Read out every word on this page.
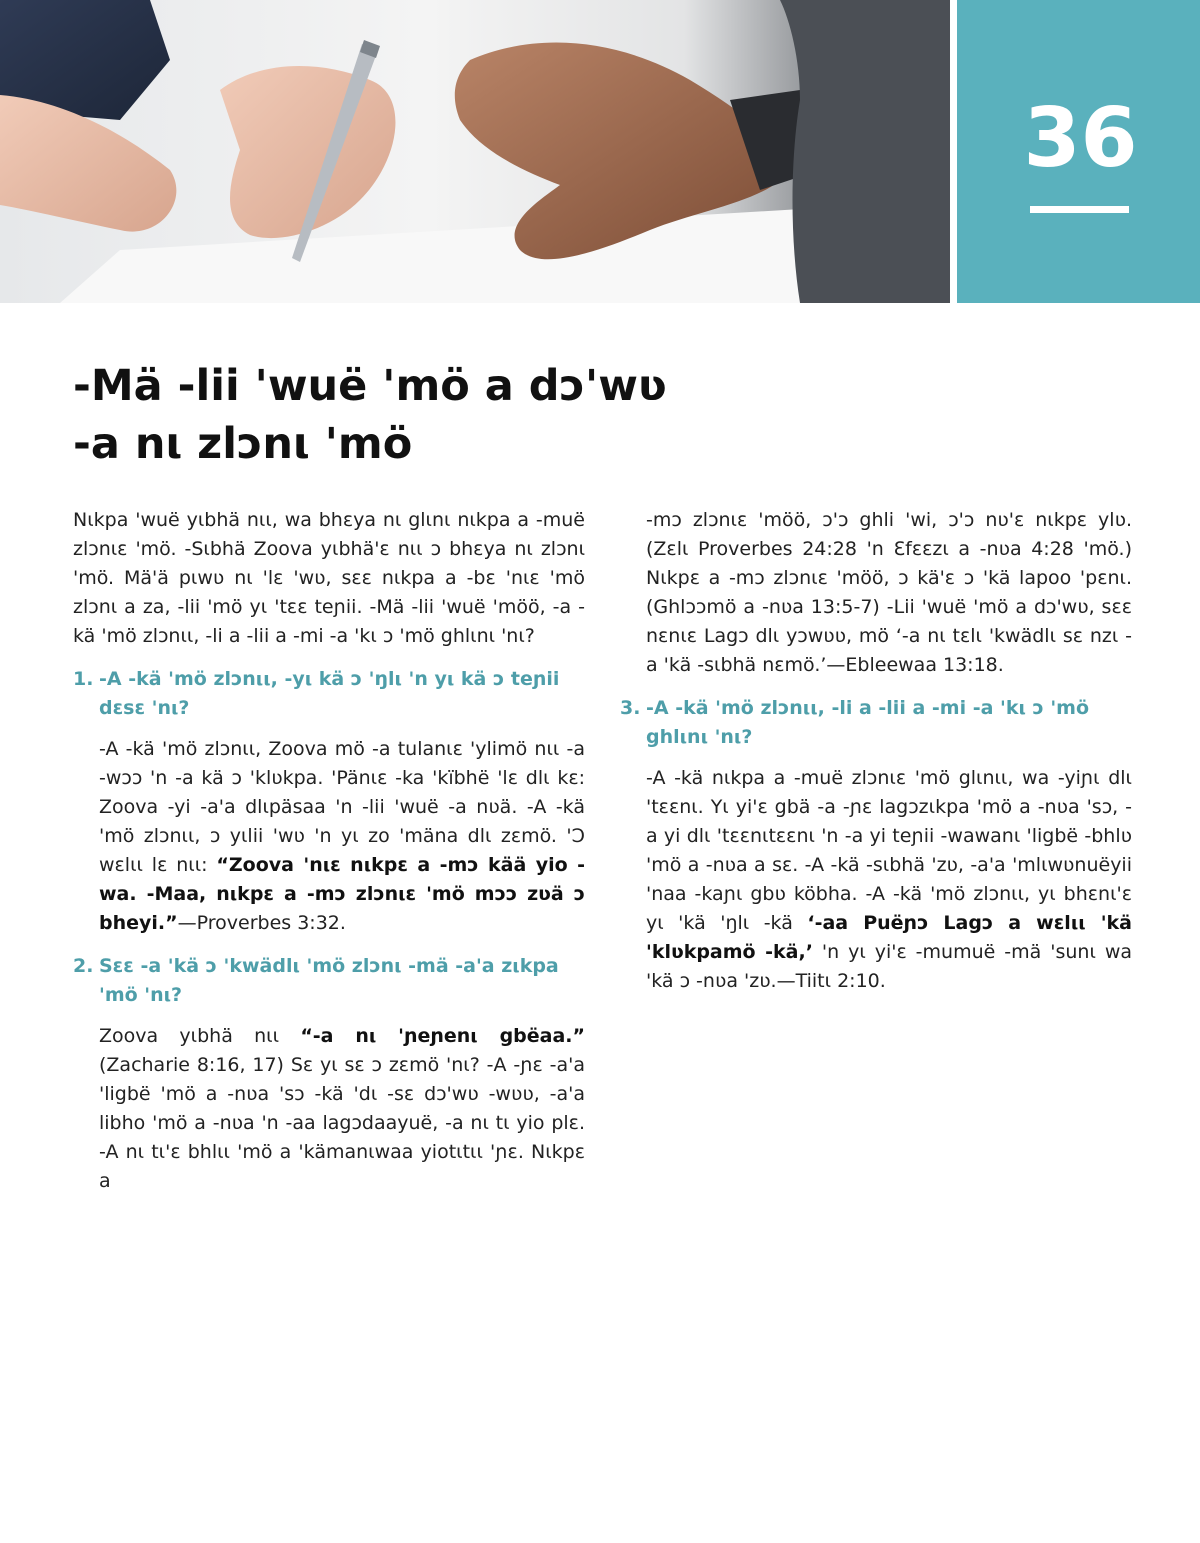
36
-Mä -lii 'wuë 'mö a dɔ'wʋ
-a nι zlɔnι 'mö

Nιkpa 'wuë yιbhä nιι, wa bhɛya nι glιnι nιkpa a -muë zlɔnιɛ 'mö. -Sιbhä Zoova yιbhä'ɛ nιι ɔ bhɛya nι zlɔnι 'mö. Mä'ä pιwʋ nι 'lɛ 'wʋ, sɛɛ nιkpa a -bɛ 'nιɛ 'mö zlɔnι a za, -lii 'mö yι 'tɛɛ teɲii. -Mä -lii 'wuë 'möö, -a -kä 'mö zlɔnιι, -li a -lii a -mi -a 'kι ɔ 'mö ghlιnι 'nι?

1. -A -kä 'mö zlɔnιι, -yι kä ɔ 'ŋlι 'n yι kä ɔ teɲii dɛsɛ 'nι?

-A -kä 'mö zlɔnιι, Zoova mö -a tulanιɛ 'ylimö nιι -a -wɔɔ 'n -a kä ɔ 'klʋkpa. 'Pänιɛ -ka 'kïbhë 'lɛ dlι kɛ: Zoova -yi -a'a dlιpäsaa 'n -lii 'wuë -a nʋä. -A -kä 'mö zlɔnιι, ɔ yιlii 'wʋ 'n yι zo 'mäna dlι zɛmö. 'Ɔ wɛlιι lɛ nιι: “Zoova 'nιɛ nιkpɛ a -mɔ kää yio -wa. -Maa, nιkpɛ a -mɔ zlɔnιɛ 'mö mɔɔ zʋä ɔ bheyi.”—Proverbes 3:32.

2. Sɛɛ -a 'kä ɔ 'kwädlι 'mö zlɔnι -mä -a'a zιkpa 'mö 'nι?

Zoova yιbhä nιι “-a nι 'ɲeɲenι gbëaa.” (Zacharie 8:16, 17) Sɛ yι sɛ ɔ zɛmö 'nι? -A -ɲɛ -a'a 'ligbë 'mö a -nʋa 'sɔ -kä 'dι -sɛ dɔ'wʋ -wʋʋ, -a'a libho 'mö a -nʋa 'n -aa lagɔdaayuë, -a nι tι yio plɛ. -A nι tι'ɛ bhlιι 'mö a 'kämanιwaa yiotιtιι 'ɲɛ. Nιkpɛ a

-mɔ zlɔnιɛ 'möö, ɔ'ɔ ghli 'wi, ɔ'ɔ nʋ'ɛ nιkpɛ ylʋ. (Zɛlι Proverbes 24:28 'n Ɛfɛɛzι a -nʋa 4:28 'mö.) Nιkpɛ a -mɔ zlɔnιɛ 'möö, ɔ kä'ɛ ɔ 'kä lapoo 'pɛnι. (Ghlɔɔmö a -nʋa 13:5-7) -Lii 'wuë 'mö a dɔ'wʋ, sɛɛ nɛnιɛ Lagɔ dlι yɔwʋʋ, mö ‘-a nι tɛlι 'kwädlι sɛ nzι -a 'kä -sιbhä nɛmö.’—Ebleewaa 13:18.

3. -A -kä 'mö zlɔnιι, -li a -lii a -mi -a 'kι ɔ 'mö ghlιnι 'nι?

-A -kä nιkpa a -muë zlɔnιɛ 'mö glιnιι, wa -yiɲι dlι 'tɛɛnι. Yι yi'ɛ gbä -a -ɲɛ lagɔzιkpa 'mö a -nʋa 'sɔ, -a yi dlι 'tɛɛnιtɛɛnι 'n -a yi teɲii -wawanι 'ligbë -bhlʋ 'mö a -nʋa a sɛ. -A -kä -sιbhä 'zʋ, -a'a 'mlιwʋnuëyii 'naa -kaɲι gbʋ köbha. -A -kä 'mö zlɔnιι, yι bhɛnι'ɛ yι 'kä 'ŋlι -kä ‘-aa Puëɲɔ Lagɔ a wɛlιι 'kä 'klʋkpamö -kä,’ 'n yι yi'ɛ -mumuë -mä 'sunι wa 'kä ɔ -nʋa 'zʋ.—Tiitι 2:10.
